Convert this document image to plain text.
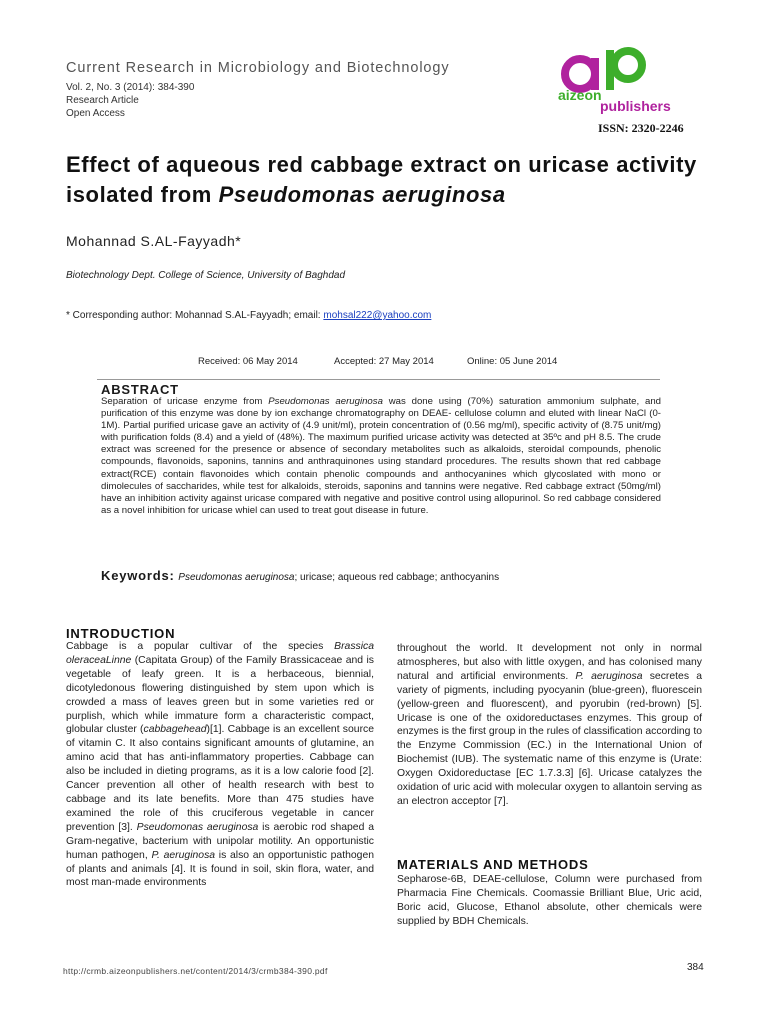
Current Research in Microbiology and Biotechnology
Vol. 2, No. 3 (2014): 384-390
Research Article
Open Access
aizeon
publishers
ISSN: 2320-2246
Effect of aqueous red cabbage extract on uricase activity isolated from Pseudomonas aeruginosa
Mohannad S.AL-Fayyadh*
Biotechnology Dept. College of Science, University of Baghdad
* Corresponding author: Mohannad S.AL-Fayyadh; email: mohsal222@yahoo.com
Received: 06 May 2014	Accepted: 27 May 2014	Online: 05 June 2014
ABSTRACT
Separation of uricase enzyme from Pseudomonas aeruginosa was done using (70%) saturation ammonium sulphate, and purification of this enzyme was done by ion exchange chromatography on DEAE- cellulose column and eluted with linear NaCl (0-1M). Partial purified uricase gave an activity of (4.9 unit/ml), protein concentration of (0.56 mg/ml), specific activity of (8.75 unit/mg) with purification folds (8.4) and a yield of (48%). The maximum purified uricase activity was detected at 35ºc and pH 8.5. The crude extract was screened for the presence or absence of secondary metabolites such as alkaloids, steroidal compounds, phenolic compounds, flavonoids, saponins, tannins and anthraquinones using standard procedures. The results shown that red cabbage extract(RCE) contain flavonoides which contain phenolic compounds and anthocyanines which glycoslated with mono or dimolecules of saccharides, while test for alkaloids, steroids, saponins and tannins were negative. Red cabbage extract (50mg/ml) have an inhibition activity against uricase compared with negative and positive control using allopurinol. So red cabbage considered as a novel inhibition for uricase whiel can used to treat gout disease in future.
Keywords: Pseudomonas aeruginosa; uricase; aqueous red cabbage; anthocyanins
INTRODUCTION
Cabbage is a popular cultivar of the species Brassica oleraceaLinne (Capitata Group) of the Family Brassicaceae and is vegetable of leafy green. It is a herbaceous, biennial, dicotyledonous flowering distinguished by stem upon which is crowded a mass of leaves green but in some varieties red or purplish, which while immature form a characteristic compact, globular cluster (cabbagehead)[1]. Cabbage is an excellent source of vitamin C. It also contains significant amounts of glutamine, an amino acid that has anti-inflammatory properties. Cabbage can also be included in dieting programs, as it is a low calorie food [2]. Cancer prevention all other of health research with best to cabbage and its late benefits. More than 475 studies have examined the role of this cruciferous vegetable in cancer prevention [3]. Pseudomonas aeruginosa is aerobic rod shaped a Gram-negative, bacterium with unipolar motility. An opportunistic human pathogen, P. aeruginosa is also an opportunistic pathogen of plants and animals [4]. It is found in soil, skin flora, water, and most man-made environments
throughout the world. It development not only in normal atmospheres, but also with little oxygen, and has colonised many natural and artificial environments. P. aeruginosa secretes a variety of pigments, including pyocyanin (blue-green), fluorescein (yellow-green and fluorescent), and pyorubin (red-brown) [5]. Uricase is one of the oxidoreductases enzymes. This group of enzymes is the first group in the rules of classification according to the Enzyme Commission (EC.) in the International Union of Biochemist (IUB). The systematic name of this enzyme is (Urate: Oxygen Oxidoreductase [EC 1.7.3.3] [6]. Uricase catalyzes the oxidation of uric acid with molecular oxygen to allantoin serving as an electron acceptor [7].
MATERIALS AND METHODS
Sepharose-6B, DEAE-cellulose, Column were purchased from Pharmacia Fine Chemicals. Coomassie Brilliant Blue, Uric acid, Boric acid, Glucose, Ethanol absolute, other chemicals were supplied by BDH Chemicals.
http://crmb.aizeonpublishers.net/content/2014/3/crmb384-390.pdf	384
